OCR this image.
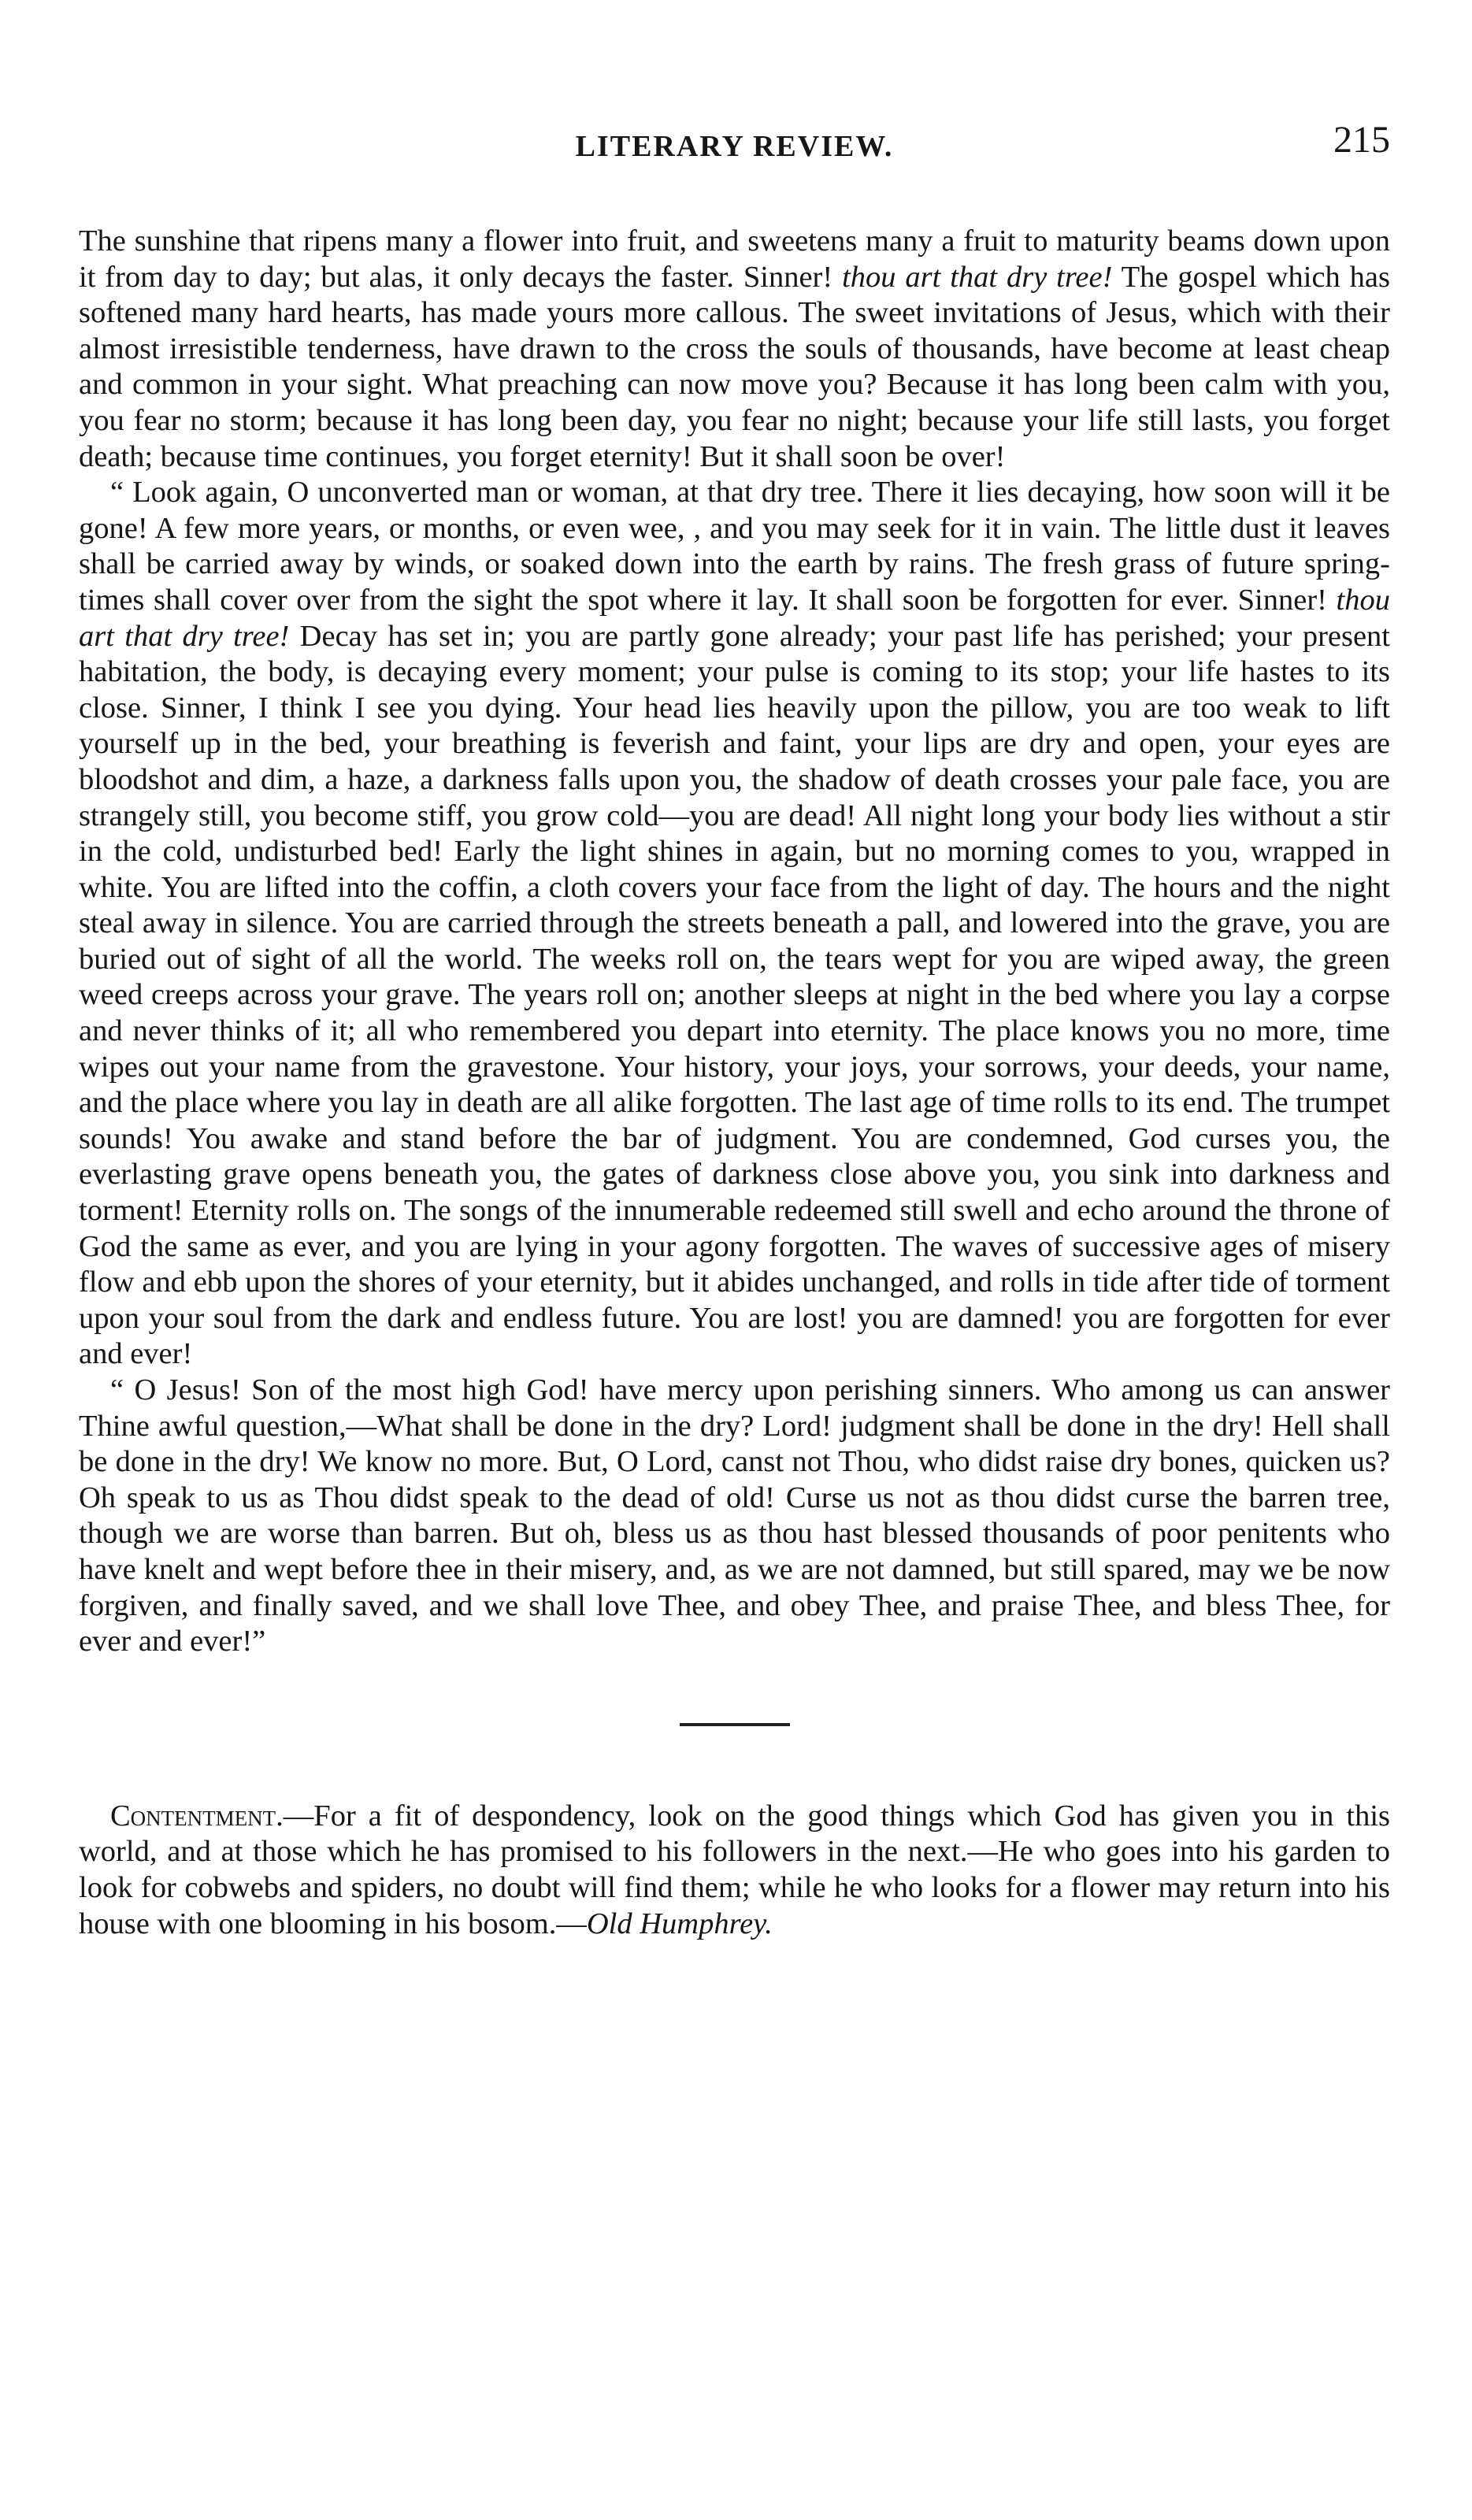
LITERARY REVIEW.	215

The sunshine that ripens many a flower into fruit, and sweetens many a fruit to maturity beams down upon it from day to day; but alas, it only decays the faster. Sinner! thou art that dry tree! The gospel which has softened many hard hearts, has made yours more callous. The sweet invitations of Jesus, which with their almost irresistible tenderness, have drawn to the cross the souls of thousands, have become at least cheap and common in your sight. What preaching can now move you? Because it has long been calm with you, you fear no storm; because it has long been day, you fear no night; because your life still lasts, you forget death; because time continues, you forget eternity! But it shall soon be over!

“ Look again, O unconverted man or woman, at that dry tree. There it lies decaying, how soon will it be gone! A few more years, or months, or even wee, , and you may seek for it in vain. The little dust it leaves shall be carried away by winds, or soaked down into the earth by rains. The fresh grass of future spring-times shall cover over from the sight the spot where it lay. It shall soon be forgotten for ever. Sinner! thou art that dry tree! Decay has set in; you are partly gone already; your past life has perished; your present habitation, the body, is decaying every moment; your pulse is coming to its stop; your life hastes to its close. Sinner, I think I see you dying. Your head lies heavily upon the pillow, you are too weak to lift yourself up in the bed, your breathing is feverish and faint, your lips are dry and open, your eyes are bloodshot and dim, a haze, a darkness falls upon you, the shadow of death crosses your pale face, you are strangely still, you become stiff, you grow cold—you are dead! All night long your body lies without a stir in the cold, undisturbed bed! Early the light shines in again, but no morning comes to you, wrapped in white. You are lifted into the coffin, a cloth covers your face from the light of day. The hours and the night steal away in silence. You are carried through the streets beneath a pall, and lowered into the grave, you are buried out of sight of all the world. The weeks roll on, the tears wept for you are wiped away, the green weed creeps across your grave. The years roll on; another sleeps at night in the bed where you lay a corpse and never thinks of it; all who remembered you depart into eternity. The place knows you no more, time wipes out your name from the gravestone. Your history, your joys, your sorrows, your deeds, your name, and the place where you lay in death are all alike forgotten. The last age of time rolls to its end. The trumpet sounds! You awake and stand before the bar of judgment. You are condemned, God curses you, the everlasting grave opens beneath you, the gates of darkness close above you, you sink into darkness and torment! Eternity rolls on. The songs of the innumerable redeemed still swell and echo around the throne of God the same as ever, and you are lying in your agony forgotten. The waves of successive ages of misery flow and ebb upon the shores of your eternity, but it abides unchanged, and rolls in tide after tide of torment upon your soul from the dark and endless future. You are lost! you are damned! you are forgotten for ever and ever!

“ O Jesus! Son of the most high God! have mercy upon perishing sinners. Who among us can answer Thine awful question,—What shall be done in the dry? Lord! judgment shall be done in the dry! Hell shall be done in the dry! We know no more. But, O Lord, canst not Thou, who didst raise dry bones, quicken us? Oh speak to us as Thou didst speak to the dead of old! Curse us not as thou didst curse the barren tree, though we are worse than barren. But oh, bless us as thou hast blessed thousands of poor penitents who have knelt and wept before thee in their misery, and, as we are not damned, but still spared, may we be now forgiven, and finally saved, and we shall love Thee, and obey Thee, and praise Thee, and bless Thee, for ever and ever!”

Contentment.—For a fit of despondency, look on the good things which God has given you in this world, and at those which he has promised to his followers in the next.—He who goes into his garden to look for cobwebs and spiders, no doubt will find them; while he who looks for a flower may return into his house with one blooming in his bosom.—Old Humphrey.
